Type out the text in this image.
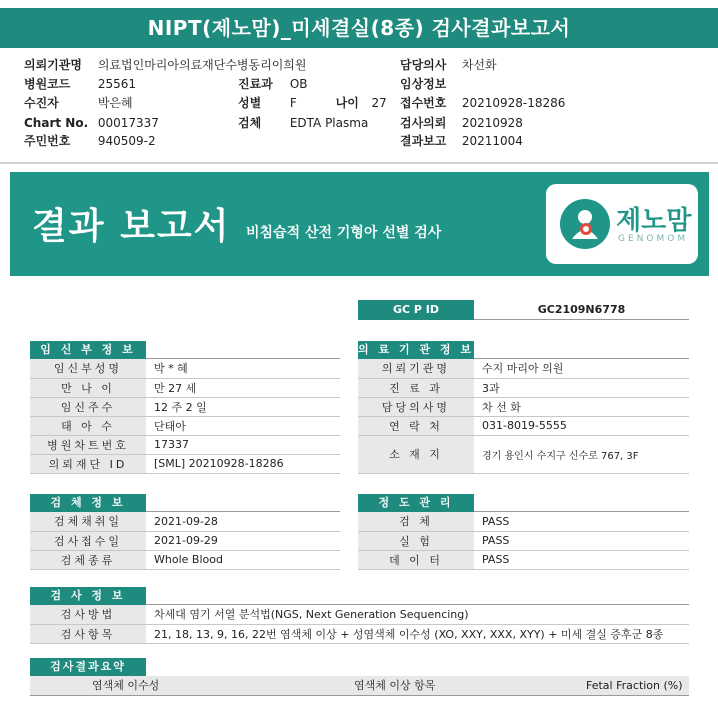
NIPT(제노맘)_미세결실(8종) 검사결과보고서
의뢰기관명 의료법인마리아의료재단수병동리이희원
병원코드 25561
수진자	박은혜
Chart No. 00017337
주민번호 940509-2
진료과 OB
성별 F	나이 27
검체 EDTA Plasma
담당의사 차선화
임상정보
접수번호 20210928-18286
검사의뢰 20210928
결과보고 20211004
결과 보고서 비침습적 산전 기형아 선별 검사	제노맘
GENOMOM
GC P ID	GC2109N6778
임 신 부 정 보
임신부성명	박 * 혜
만 나 이	만 27 세
임신주수	12 주 2 일
태 아 수	단태아
병원차트번호	17337
의뢰재단 ID	[SML] 20210928-18286
의 료 기 관 정 보
의뢰기관명	수지 마리아 의원
진 료 과	3과
담당의사명	차 선 화
연 락 처	031-8019-5555
소 재 지	경기 용인시 수지구 신수로 767, 3F
검 체 정 보
검체채취일	2021-09-28
검사접수일	2021-09-29
검체종류	Whole Blood
정 도 관 리
검 체	PASS
실 험	PASS
데 이 터	PASS
검 사 정 보
검사방법	차세대 염기 서열 분석법(NGS, Next Generation Sequencing)
검사항목	21, 18, 13, 9, 16, 22번 염색체 이상 + 성염색체 이수성 (XO, XXY, XXX, XYY) + 미세 결실 증후군 8종
검사결과요약
염색체 이수성	염색체 이상 항목	Fetal Fraction (%)
